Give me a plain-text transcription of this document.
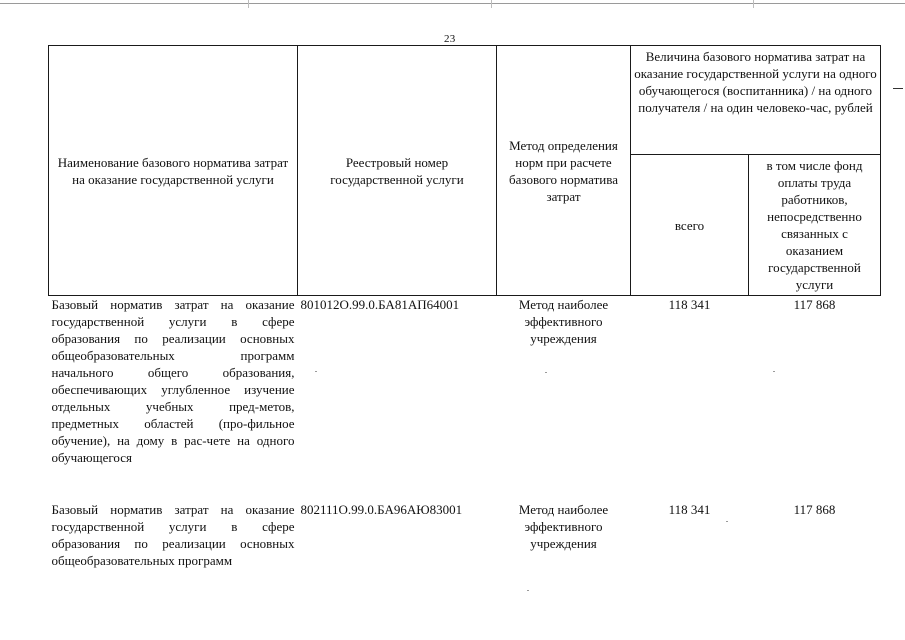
23
Наименование базового норматива затрат на оказание государственной услуги	Реестровый номер государственной услуги	Метод определения норм при расчете базового норматива затрат	Величина базового норматива затрат на оказание государственной услуги на одного обучающегося (воспитанника) / на одного получателя / на один человеко-час, рублей	
			всего	в том числе фонд оплаты труда работников, непосредственно связанных с оказанием государственной услуги
Базовый норматив затрат на оказание государственной услуги в сфере образования по реализации основных общеобразовательных программ начального общего образования, обеспечивающих углубленное изучение отдельных учебных пред-метов, предметных областей (про-фильное обучение), на дому в рас-чете на одного обучающегося	801012О.99.0.БА81АП64001	Метод наиболее эффективного учреждения	118 341	117 868
Базовый норматив затрат на оказание государственной услуги в сфере образования по реализации основных общеобразовательных программ	802111О.99.0.БА96АЮ83001	Метод наиболее эффективного учреждения	118 341	117 868
